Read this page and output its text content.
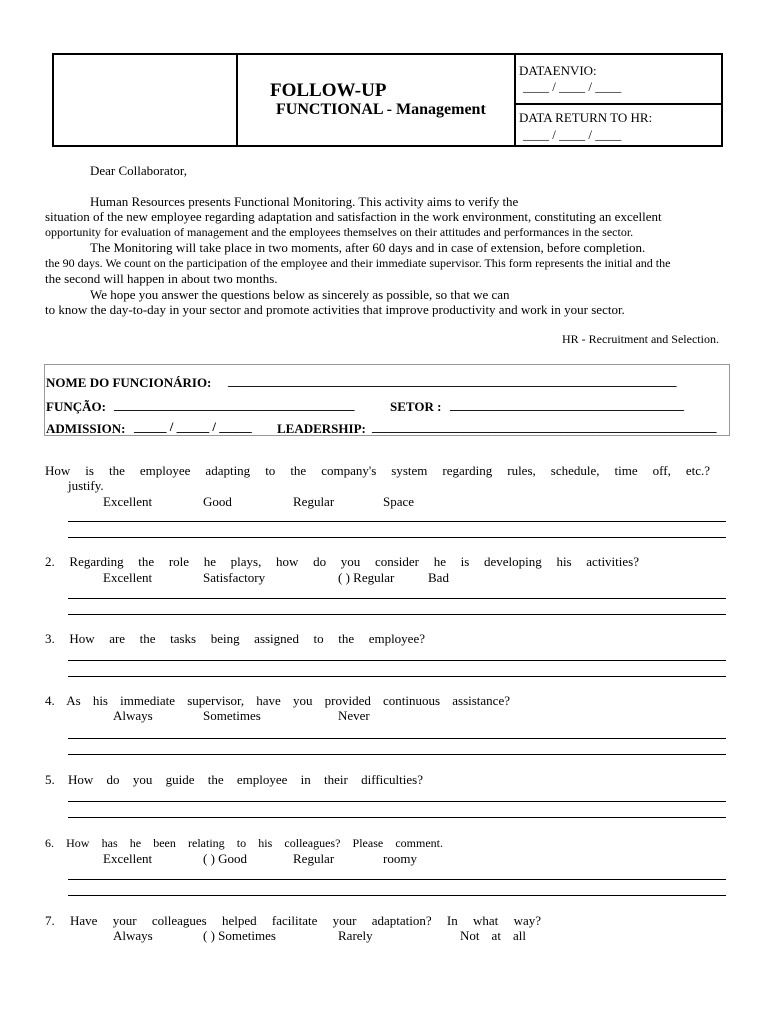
FOLLOW-UP
FUNCTIONAL - Management
DATAENVIO:
____ / ____ / ____
DATA RETURN TO HR:
____ / ____ / ____
Dear Collaborator,
Human Resources presents Functional Monitoring. This activity aims to verify the
situation of the new employee regarding adaptation and satisfaction in the work environment, constituting an excellent
opportunity for evaluation of management and the employees themselves on their attitudes and performances in the sector.
The Monitoring will take place in two moments, after 60 days and in case of extension, before completion.
the 90 days. We count on the participation of the employee and their immediate supervisor. This form represents the initial and the
the second will happen in about two months.
We hope you answer the questions below as sincerely as possible, so that we can
to know the day-to-day in your sector and promote activities that improve productivity and work in your sector.
HR - Recruitment and Selection.
NOME DO FUNCIONÁRIO: _____________________________________________________________________
FUNÇÃO: _____________________________________	SETOR : ____________________________________
ADMISSION: _____ / _____ / _____ LEADERSHIP: _____________________________________________________
How is the employee adapting to the company's system regarding rules, schedule, time off, etc.?
justify.
Excellent	Good	Regular	Space
2. Regarding the role he plays, how do you consider he is developing his activities?
Excellent	Satisfactory	( ) Regular	Bad
3. How are the tasks being assigned to the employee?
4. As his immediate supervisor, have you provided continuous assistance?
Always	Sometimes	Never
5. How do you guide the employee in their difficulties?
6. How has he been relating to his colleagues? Please comment.
Excellent	( ) Good	Regular	roomy
7. Have your colleagues helped facilitate your adaptation? In what way?
Always	( ) Sometimes	Rarely	Not at all
